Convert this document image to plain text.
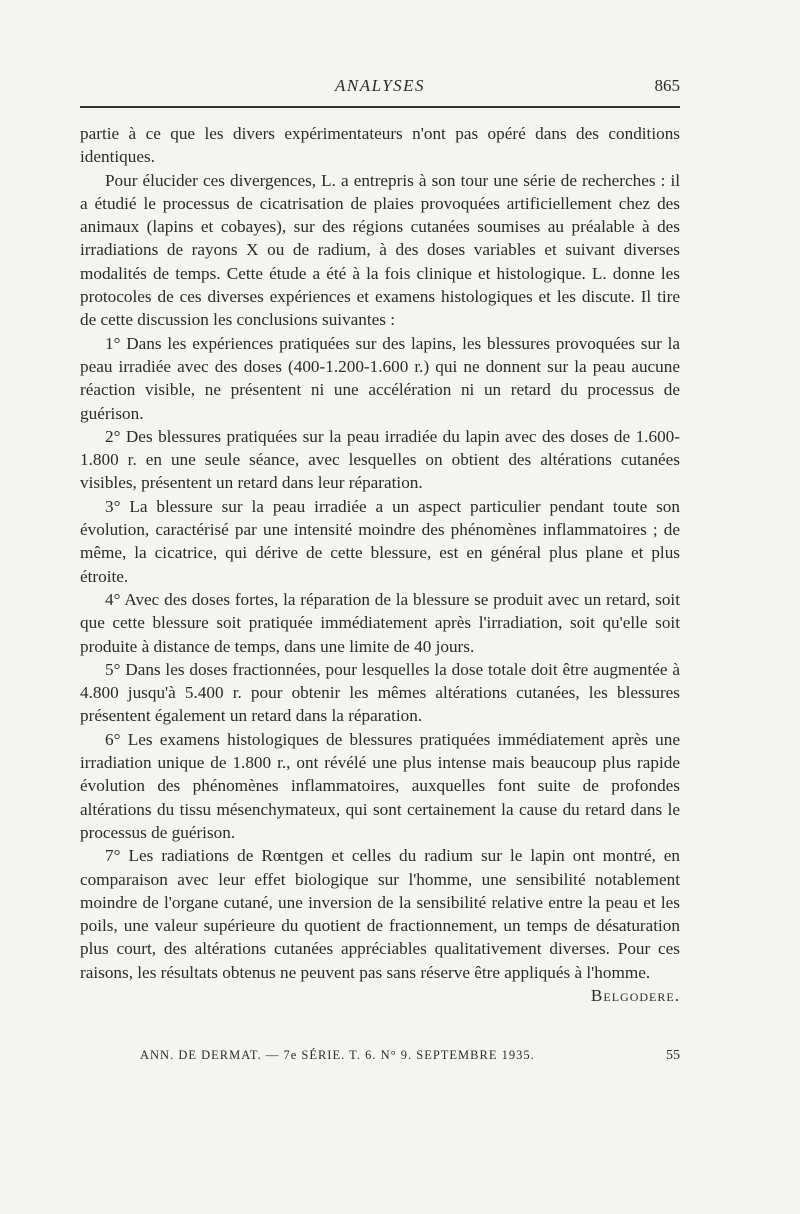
ANALYSES	865

partie à ce que les divers expérimentateurs n'ont pas opéré dans des conditions identiques.

Pour élucider ces divergences, L. a entrepris à son tour une série de recherches : il a étudié le processus de cicatrisation de plaies provoquées artificiellement chez des animaux (lapins et cobayes), sur des régions cutanées soumises au préalable à des irradiations de rayons X ou de radium, à des doses variables et suivant diverses modalités de temps. Cette étude a été à la fois clinique et histologique. L. donne les protocoles de ces diverses expériences et examens histologiques et les discute. Il tire de cette discussion les conclusions suivantes :

1° Dans les expériences pratiquées sur des lapins, les blessures provoquées sur la peau irradiée avec des doses (400-1.200-1.600 r.) qui ne donnent sur la peau aucune réaction visible, ne présentent ni une accélération ni un retard du processus de guérison.

2° Des blessures pratiquées sur la peau irradiée du lapin avec des doses de 1.600-1.800 r. en une seule séance, avec lesquelles on obtient des altérations cutanées visibles, présentent un retard dans leur réparation.

3° La blessure sur la peau irradiée a un aspect particulier pendant toute son évolution, caractérisé par une intensité moindre des phénomènes inflammatoires ; de même, la cicatrice, qui dérive de cette blessure, est en général plus plane et plus étroite.

4° Avec des doses fortes, la réparation de la blessure se produit avec un retard, soit que cette blessure soit pratiquée immédiatement après l'irradiation, soit qu'elle soit produite à distance de temps, dans une limite de 40 jours.

5° Dans les doses fractionnées, pour lesquelles la dose totale doit être augmentée à 4.800 jusqu'à 5.400 r. pour obtenir les mêmes altérations cutanées, les blessures présentent également un retard dans la réparation.

6° Les examens histologiques de blessures pratiquées immédiatement après une irradiation unique de 1.800 r., ont révélé une plus intense mais beaucoup plus rapide évolution des phénomènes inflammatoires, auxquelles font suite de profondes altérations du tissu mésenchymateux, qui sont certainement la cause du retard dans le processus de guérison.

7° Les radiations de Rœntgen et celles du radium sur le lapin ont montré, en comparaison avec leur effet biologique sur l'homme, une sensibilité notablement moindre de l'organe cutané, une inversion de la sensibilité relative entre la peau et les poils, une valeur supérieure du quotient de fractionnement, un temps de désaturation plus court, des altérations cutanées appréciables qualitativement diverses. Pour ces raisons, les résultats obtenus ne peuvent pas sans réserve être appliqués à l'homme.
Belgodere.

ANN. DE DERMAT. — 7e SÉRIE. T. 6. N° 9. SEPTEMBRE 1935.	55
